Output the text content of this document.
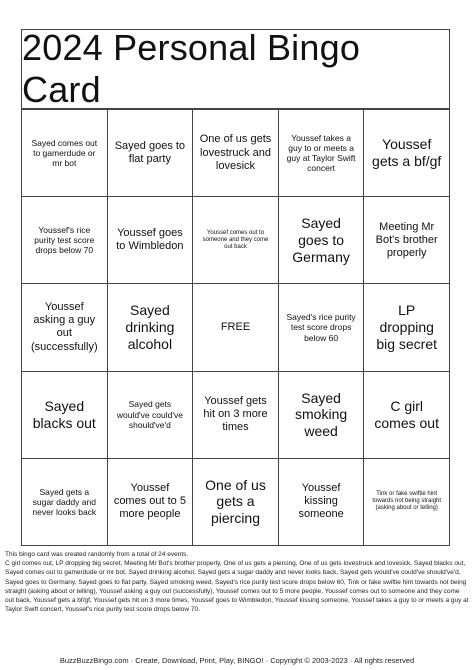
2024 Personal Bingo Card
Sayed comes out to gamerdude or mr bot
Sayed goes to flat party
One of us gets lovestruck and lovesick
Youssef takes a guy to or meets a guy at Taylor Swift concert
Youssef gets a bf/gf
Youssef's rice purity test score drops below 70
Youssef goes to Wimbledon
Youssef comes out to someone and they come out back
Sayed goes to Germany
Meeting Mr Bot's brother properly
Youssef asking a guy out (successfully)
Sayed drinking alcohol
FREE
Sayed's rice purity test score drops below 60
LP dropping big secret
Sayed blacks out
Sayed gets would've could've should've'd
Youssef gets hit on 3 more times
Sayed smoking weed
C girl comes out
Sayed gets a sugar daddy and never looks back
Youssef comes out to 5 more people
One of us gets a piercing
Youssef kissing someone
Tink or fake swiftie hint towards not being straight (asking about or telling)

This bingo card was created randomly from a total of 24 events.

C girl comes out, LP dropping big secret, Meeting Mr Bot's brother properly, One of us gets a piercing, One of us gets lovestruck and lovesick, Sayed blacks out, Sayed comes out to gamerdude or mr bot, Sayed drinking alcohol, Sayed gets a sugar daddy and never looks back, Sayed gets would've could've should've'd, Sayed goes to Germany, Sayed goes to flat party, Sayed smoking weed, Sayed's rice purity test score drops below 60, Tink or fake swiftie hint towards not being straight (asking about or telling), Youssef asking a guy out (successfully), Youssef comes out to 5 more people, Youssef comes out to someone and they come out back, Youssef gets a bf/gf, Youssef gets hit on 3 more times, Youssef goes to Wimbledon, Youssef kissing someone, Youssef takes a guy to or meets a guy at Taylor Swift concert, Youssef's rice purity test score drops below 70.

BuzzBuzzBingo.com · Create, Download, Print, Play, BINGO! · Copyright © 2003-2023 · All rights reserved
